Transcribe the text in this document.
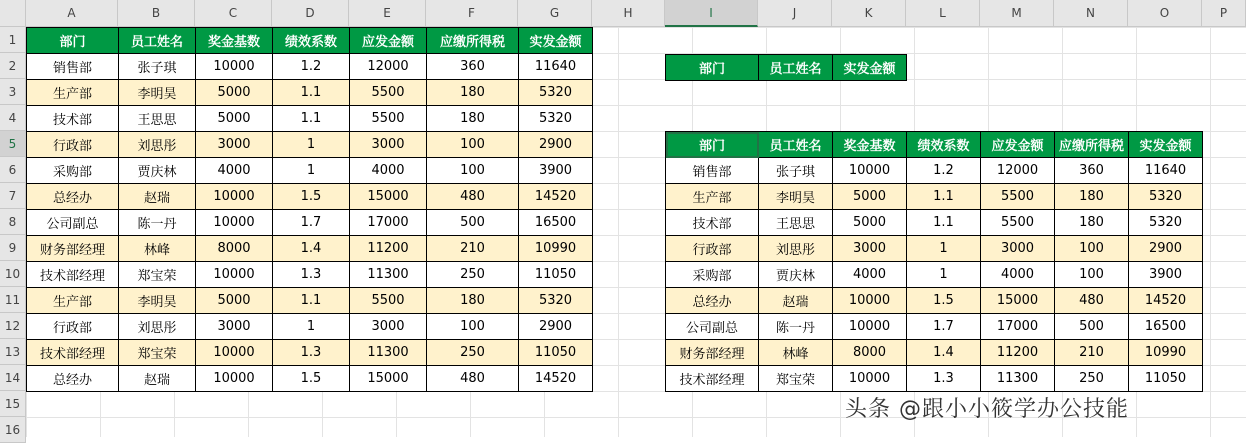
A	B	C	D	E	F	G	H	I	J	K	L	M	N	O	P
1
2
3
4
5
6
7
8
9
10
11
12
13
14
15
16
部门	员工姓名	奖金基数	绩效系数	应发金额	应缴所得税	实发金额
销售部	张子琪	10000	1.2	12000	360	11640
生产部	李明昊	5000	1.1	5500	180	5320
技术部	王思思	5000	1.1	5500	180	5320
行政部	刘思彤	3000	1	3000	100	2900
采购部	贾庆林	4000	1	4000	100	3900
总经办	赵瑞	10000	1.5	15000	480	14520
公司副总	陈一丹	10000	1.7	17000	500	16500
财务部经理	林峰	8000	1.4	11200	210	10990
技术部经理	郑宝荣	10000	1.3	11300	250	11050
生产部	李明昊	5000	1.1	5500	180	5320
行政部	刘思彤	3000	1	3000	100	2900
技术部经理	郑宝荣	10000	1.3	11300	250	11050
总经办	赵瑞	10000	1.5	15000	480	14520
部门	员工姓名	实发金额
部门	员工姓名	奖金基数	绩效系数	应发金额	应缴所得税	实发金额
销售部	张子琪	10000	1.2	12000	360	11640
生产部	李明昊	5000	1.1	5500	180	5320
技术部	王思思	5000	1.1	5500	180	5320
行政部	刘思彤	3000	1	3000	100	2900
采购部	贾庆林	4000	1	4000	100	3900
总经办	赵瑞	10000	1.5	15000	480	14520
公司副总	陈一丹	10000	1.7	17000	500	16500
财务部经理	林峰	8000	1.4	11200	210	10990
技术部经理	郑宝荣	10000	1.3	11300	250	11050
头条 @跟小小筱学办公技能
